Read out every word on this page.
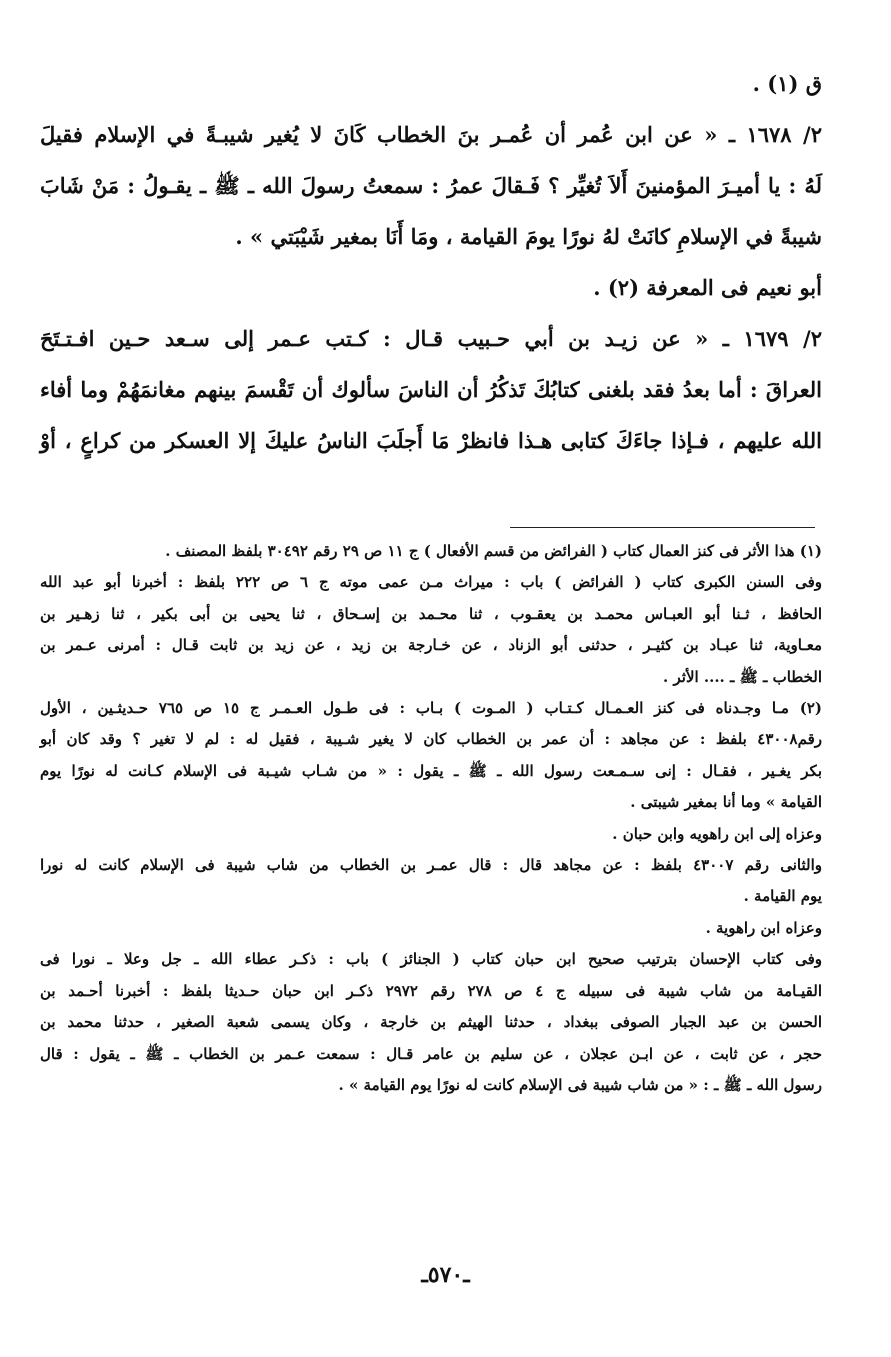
ق (١) .

٢/ ١٦٧٨ ـ « عن ابن عُمر أن عُمـر بنَ الخطاب كَانَ لا يُغير شيبـةً في الإسلام فقيلَ

لَهُ : يا أميـرَ المؤمنينَ أَلاَ تُغيِّر ؟ فَـقالَ عمرُ : سمعتُ رسولَ الله ـ ﷺ ـ يقـولُ : مَنْ شَابَ

شيبةً في الإسلامِ كانَتْ لهُ نورًا يومَ القيامة ، ومَا أَنَا بمغير شَيْبَتي » .

أبو نعيم فى المعرفة (٢) .

٢/ ١٦٧٩ ـ « عن زيـد بن أبي حـبيب قـال : كـتب عـمر إلى سـعد حـين افـتـتَحَ

العراقَ : أما بعدُ فقد بلغنى كتابُكَ تَذكُرُ أن الناسَ سألوك أن تَقْسمَ بينهم مغانمَهُمْ وما أفاء

الله عليهم ، فـإذا جاءَكَ كتابى هـذا فانظرْ مَا أَجلَبَ الناسُ عليكَ إلا العسكر من كراعٍ ، أوْ

(١) هذا الأثر فى كنز العمال كتاب ( الفرائض من قسم الأفعال ) ج ١١ ص ٢٩ رقم ٣٠٤٩٢ بلفظ المصنف .

وفى السنن الكبرى كتاب ( الفرائض ) باب : ميراث مـن عمى موته ج ٦ ص ٢٢٢ بلفظ : أخبرنا أبو عبد الله

الحافظ ، ثـنا أبو العبـاس محمـد بن يعقـوب ، ثنا محـمد بن إسـحاق ، ثنا يحيى بن أبى بكير ، ثنا زهـير بن

معـاوية، ثنا عبـاد بن كثيـر ، حدثنى أبو الزناد ، عن خـارجة بن زيد ، عن زيد بن ثابت قـال : أمرنى عـمر بن

الخطاب ـ ﷺ ـ .... الأثر .

(٢) مـا وجـدناه فى كنز العـمـال كـتـاب ( المـوت ) بـاب : فى طـول العـمـر ج ١٥ ص ٧٦٥ حـديثـين ، الأول

رقم٤٣٠٠٨ بلفظ : عن مجاهد : أن عمر بن الخطاب كان لا يغير شـيبة ، فقيل له : لم لا تغير ؟ وقد كان أبو

بكر يغـير ، فقـال : إنى سـمـعت رسول الله ـ ﷺ ـ يقول : « من شـاب شيـبة فى الإسلام كـانت له نورًا يوم

القيامة » وما أنا بمغير شيبتى .

وعزاه إلى ابن راهويه وابن حبان .

والثانى رقم ٤٣٠٠٧ بلفظ : عن مجاهد قال : قال عمـر بن الخطاب من شاب شيبة فى الإسلام كانت له نورا

يوم القيامة .

وعزاه ابن راهوية .

وفى كتاب الإحسان بترتيب صحيح ابن حبان كتاب ( الجنائز ) باب : ذكـر عطاء الله ـ جل وعلا ـ نورا فى

القيـامة من شاب شيبة فى سبيله ج ٤ ص ٢٧٨ رقم ٢٩٧٢ ذكـر ابن حبان حـديثا بلفظ : أخبرنا أحـمد بن

الحسن بن عبد الجبار الصوفى ببغداد ، حدثنا الهيثم بن خارجة ، وكان يسمى شعبة الصغير ، حدثنا محمد بن

حجر ، عن ثابت ، عن ابـن عجلان ، عن سليم بن عامر قـال : سمعت عـمر بن الخطاب ـ ﷺ ـ يقول : قال

رسول الله ـ ﷺ ـ : « من شاب شيبة فى الإسلام كانت له نورًا يوم القيامة » .

ـ٥٧٠ـ
